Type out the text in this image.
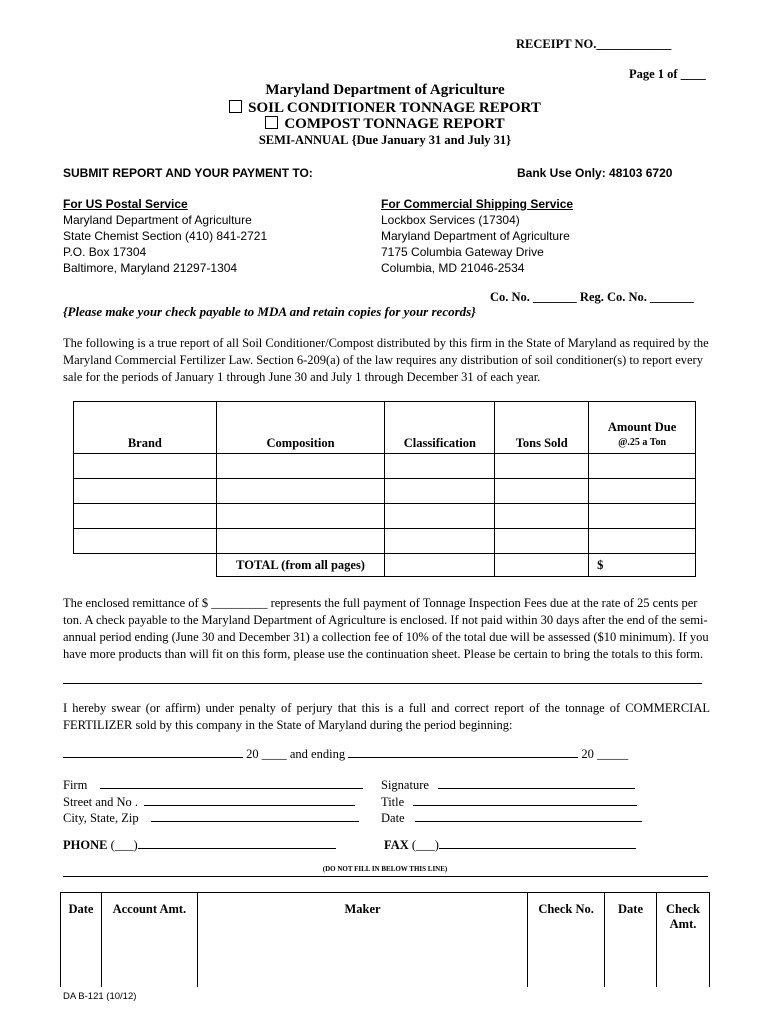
RECEIPT NO.____________
Page 1 of ____
Maryland Department of Agriculture
SOIL CONDITIONER TONNAGE REPORT
COMPOST TONNAGE REPORT
SEMI-ANNUAL {Due January 31 and July 31}
SUBMIT REPORT AND YOUR PAYMENT TO:	Bank Use Only: 48103 6720
For US Postal Service
Maryland Department of Agriculture
State Chemist Section (410) 841-2721
P.O. Box 17304
Baltimore, Maryland 21297-1304
For Commercial Shipping Service
Lockbox Services (17304)
Maryland Department of Agriculture
7175 Columbia Gateway Drive
Columbia, MD 21046-2534
Co. No. _______ Reg. Co. No. _______
{Please make your check payable to MDA and retain copies for your records}
The following is a true report of all Soil Conditioner/Compost distributed by this firm in the State of Maryland as required by the Maryland Commercial Fertilizer Law. Section 6-209(a) of the law requires any distribution of soil conditioner(s) to report every sale for the periods of January 1 through June 30 and July 1 through December 31 of each year.
Brand	Composition	Classification	Tons Sold	Amount Due
@.25 a Ton

	TOTAL (from all pages)			$
The enclosed remittance of $ _________ represents the full payment of Tonnage Inspection Fees due at the rate of 25 cents per ton. A check payable to the Maryland Department of Agriculture is enclosed. If not paid within 30 days after the end of the semi-annual period ending (June 30 and December 31) a collection fee of 10% of the total due will be assessed ($10 minimum). If you have more products than will fit on this form, please use the continuation sheet. Please be certain to bring the totals to this form.
I hereby swear (or affirm) under penalty of perjury that this is a full and correct report of the tonnage of COMMERCIAL FERTILIZER sold by this company in the State of Maryland during the period beginning:
20 ____ and ending	20 _____
Firm
Street and No .
City, State, Zip
Signature
Title
Date
PHONE (___)	FAX (___)
(DO NOT FILL IN BELOW THIS LINE)
Date	Account Amt.	Maker	Check No.	Date	Check Amt.
DA B-121 (10/12)
